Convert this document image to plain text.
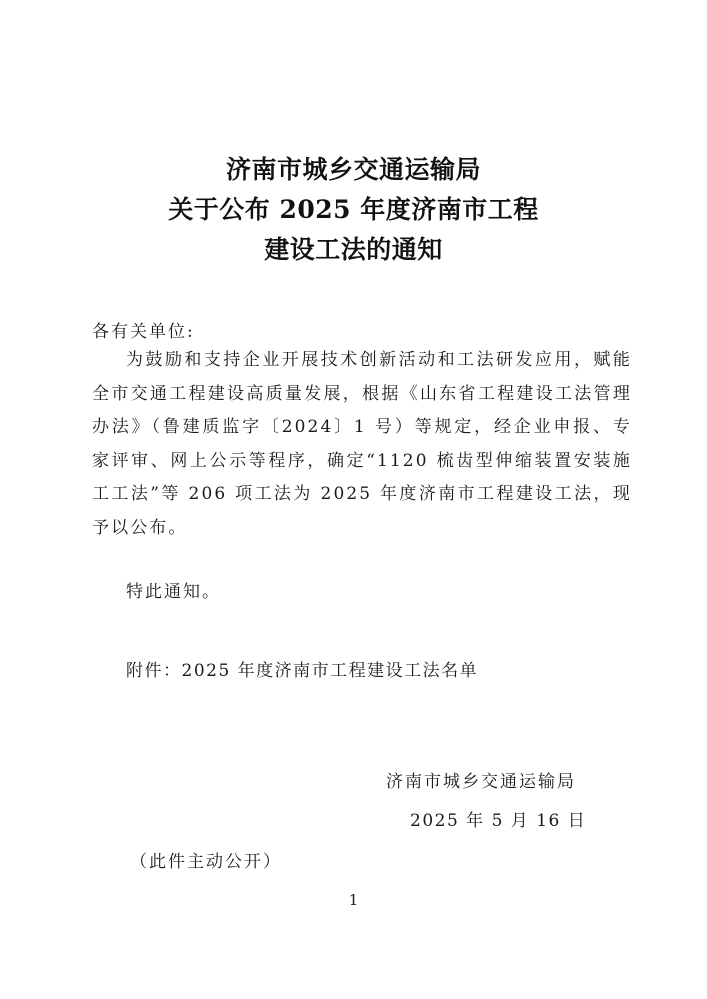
济南市城乡交通运输局
关于公布 2025 年度济南市工程
建设工法的通知
各有关单位:

为鼓励和支持企业开展技术创新活动和工法研发应用，赋能全市交通工程建设高质量发展，根据《山东省工程建设工法管理办法》（鲁建质监字〔2024〕1 号）等规定，经企业申报、专家评审、网上公示等程序，确定“1120 梳齿型伸缩装置安装施工工法”等 206 项工法为 2025 年度济南市工程建设工法，现予以公布。

特此通知。
附件：2025 年度济南市工程建设工法名单
济南市城乡交通运输局
2025 年 5 月 16 日
（此件主动公开）
1
